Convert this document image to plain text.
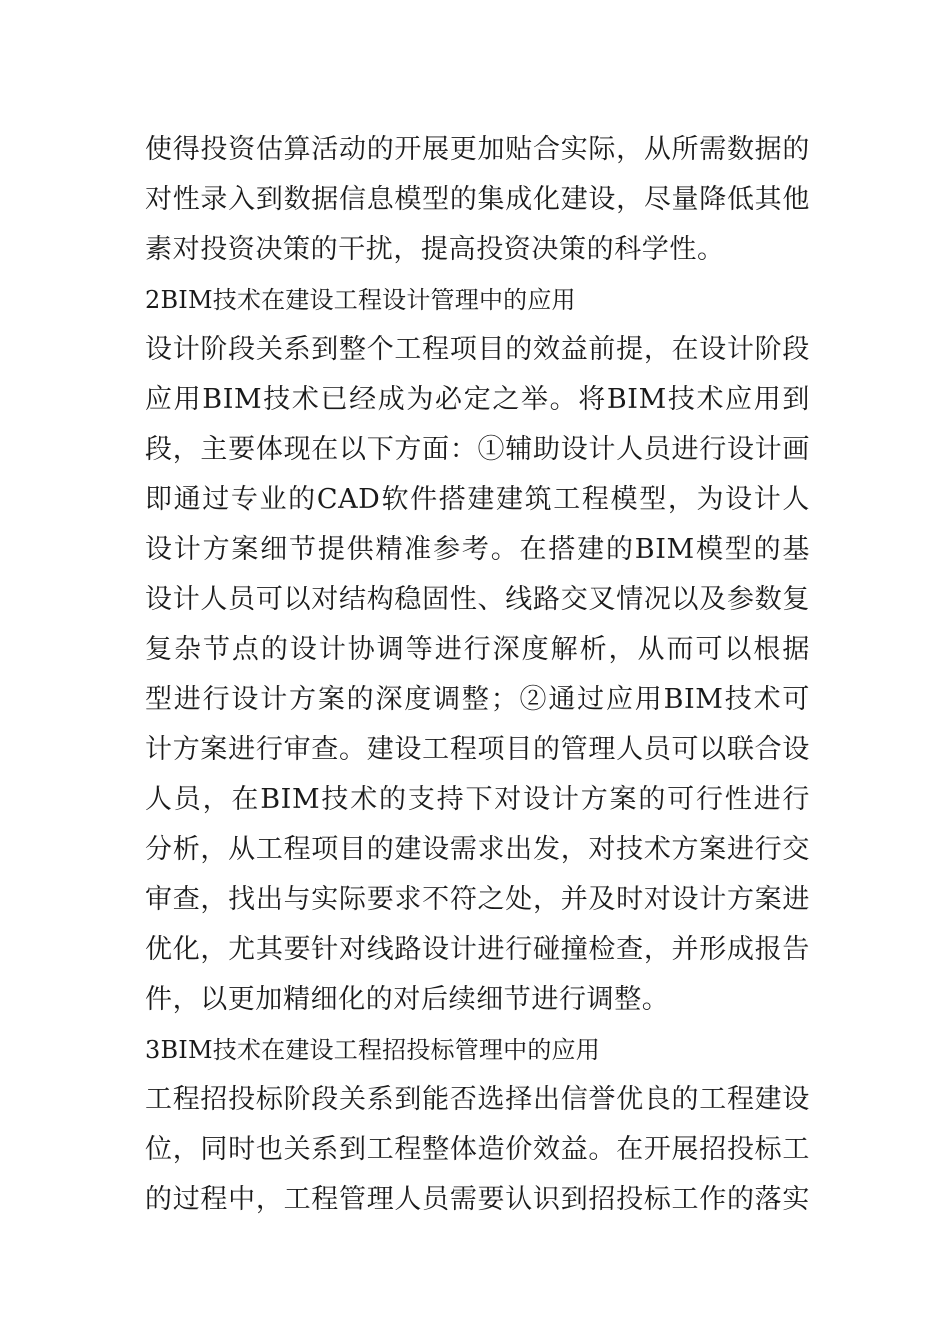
使得投资估算活动的开展更加贴合实际，从所需数据的
对性录入到数据信息模型的集成化建设，尽量降低其他
素对投资决策的干扰，提高投资决策的科学性。
2BIM技术在建设工程设计管理中的应用
设计阶段关系到整个工程项目的效益前提，在设计阶段
应用BIM技术已经成为必定之举。将BIM技术应用到
段，主要体现在以下方面：①辅助设计人员进行设计画
即通过专业的CAD软件搭建建筑工程模型，为设计人
设计方案细节提供精准参考。在搭建的BIM模型的基
设计人员可以对结构稳固性、线路交叉情况以及参数复
复杂节点的设计协调等进行深度解析，从而可以根据
型进行设计方案的深度调整；②通过应用BIM技术可
计方案进行审查。建设工程项目的管理人员可以联合设
人员，在BIM技术的支持下对设计方案的可行性进行
分析，从工程项目的建设需求出发，对技术方案进行交
审查，找出与实际要求不符之处，并及时对设计方案进
优化，尤其要针对线路设计进行碰撞检查，并形成报告
件，以更加精细化的对后续细节进行调整。
3BIM技术在建设工程招投标管理中的应用
工程招投标阶段关系到能否选择出信誉优良的工程建设
位，同时也关系到工程整体造价效益。在开展招投标工
的过程中，工程管理人员需要认识到招投标工作的落实
